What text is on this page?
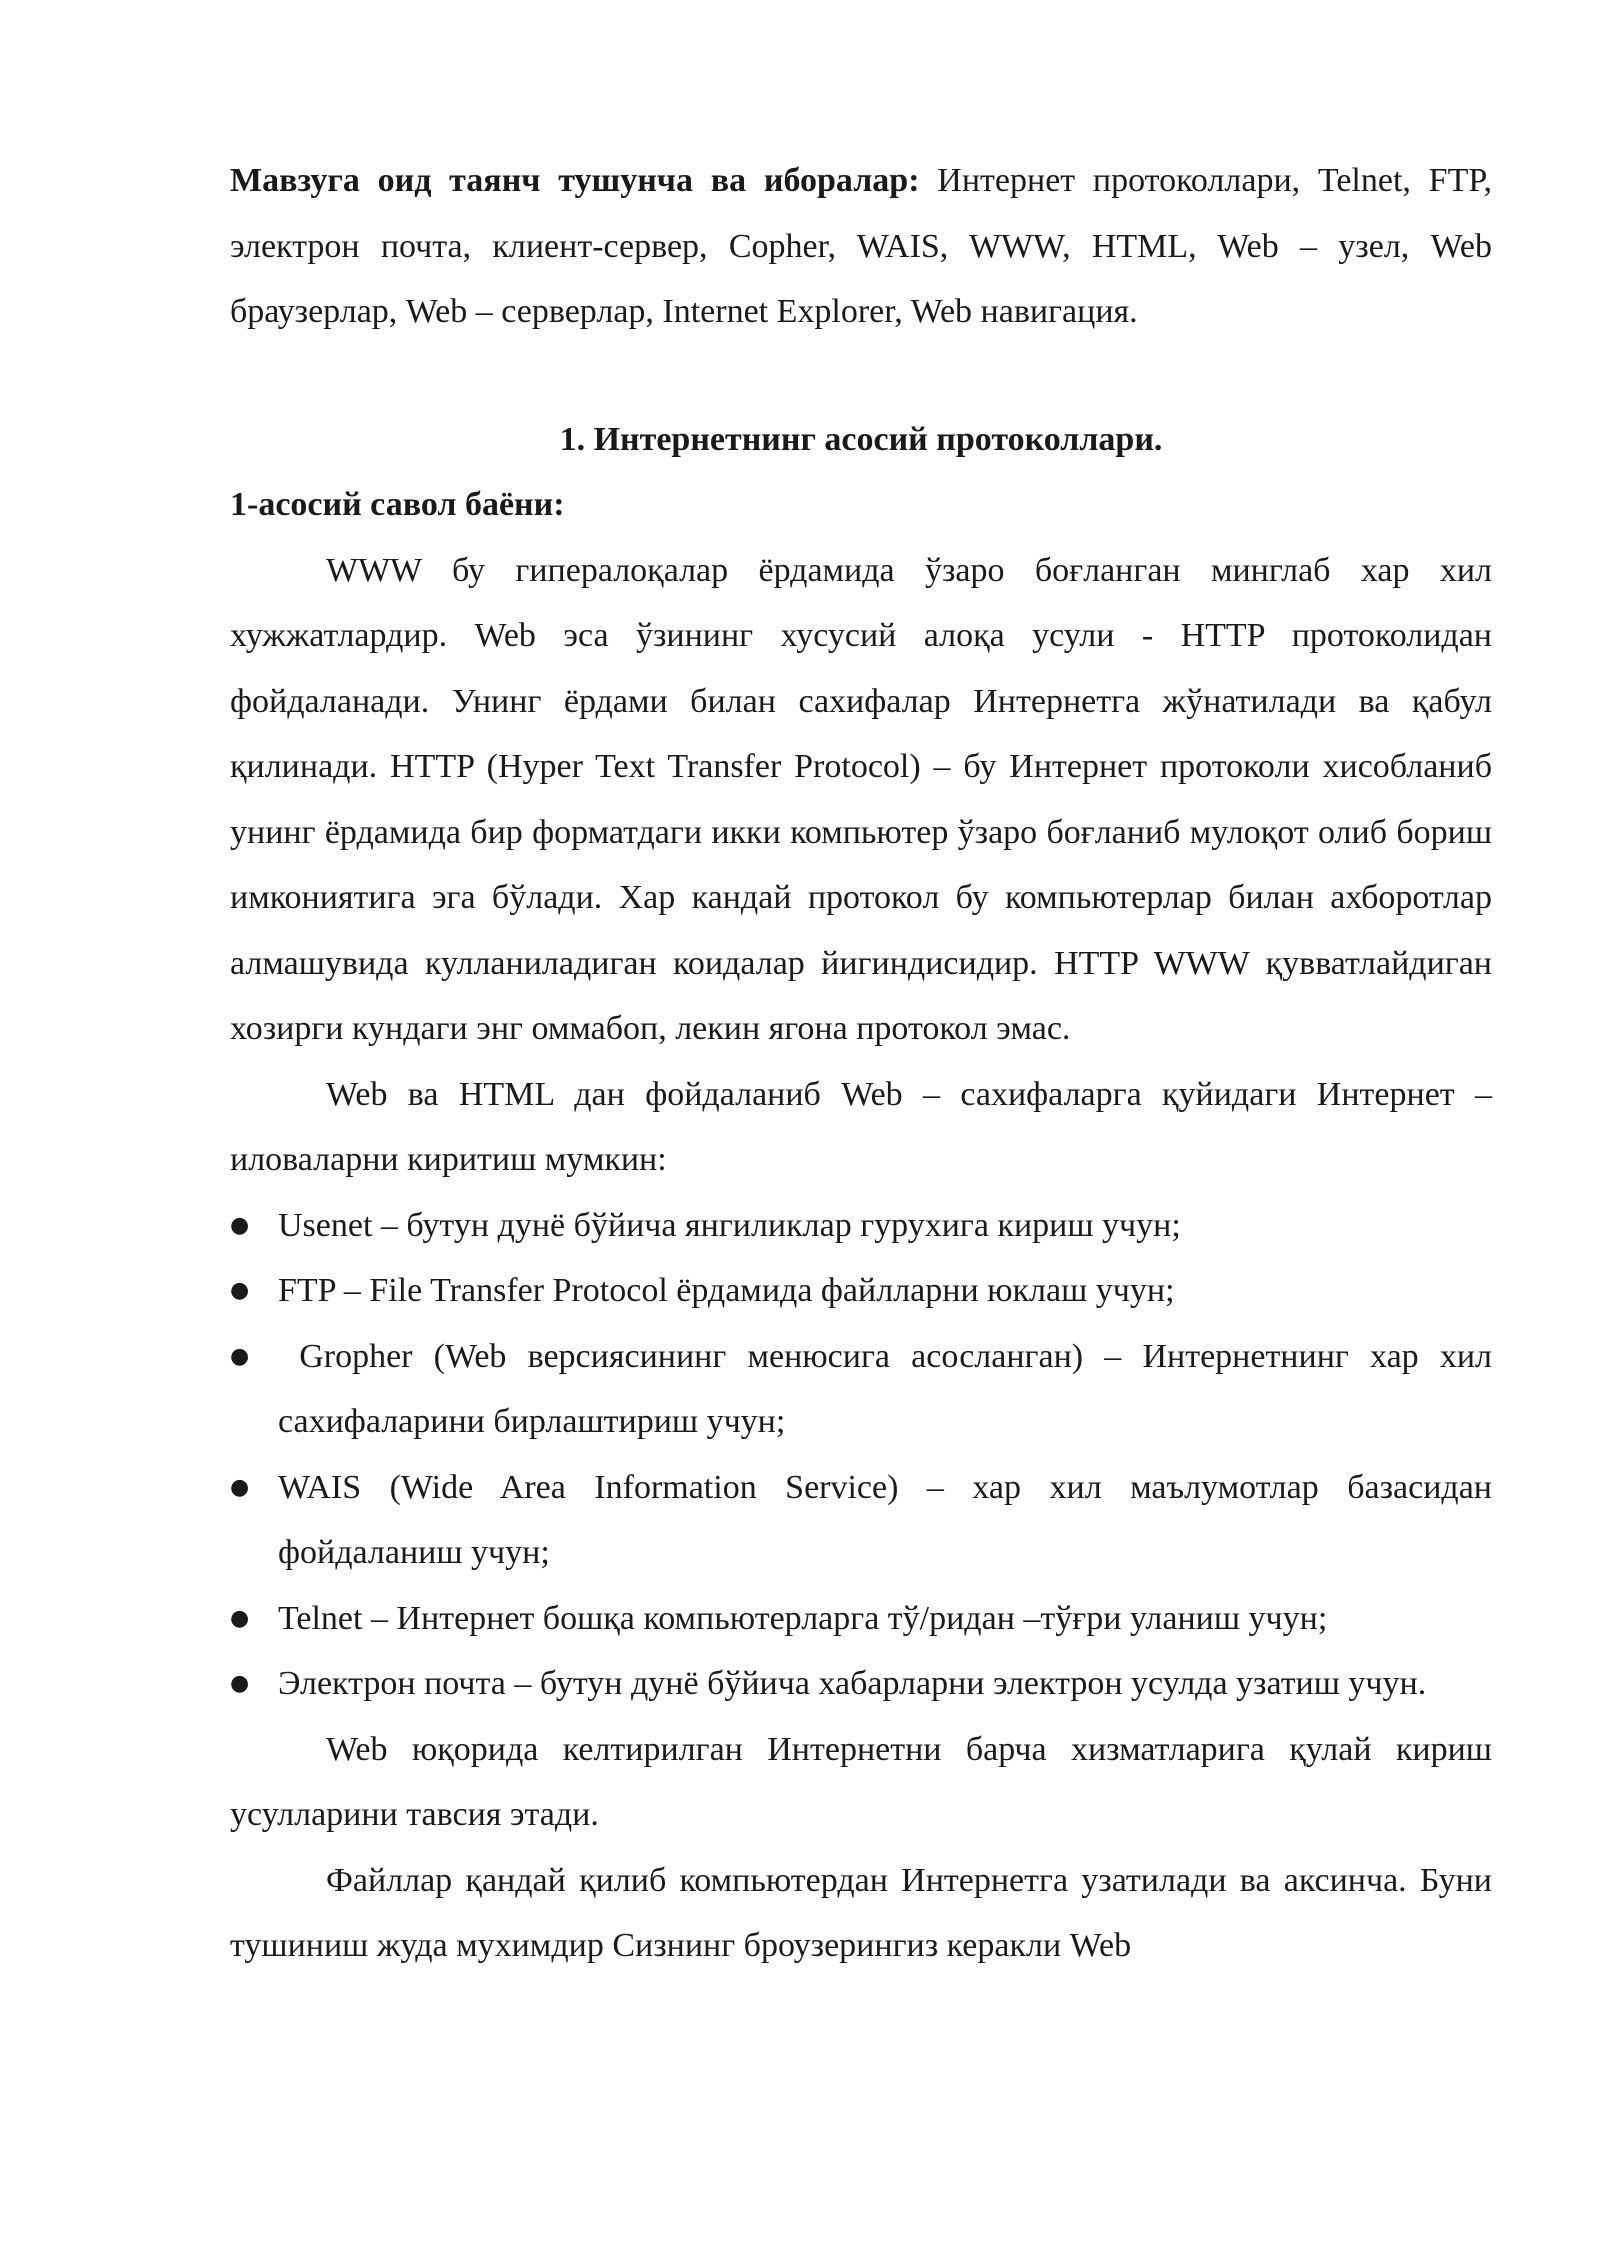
Мавзуга оид таянч тушунча ва иборалар: Интернет протоколлари, Telnet, FTP, электрон почта, клиент-сервер, Сopher, WAIS, WWW, HTML, Web – узел, Web браузерлар, Web – серверлар, Internet Explorer, Web навигация.

1. Интернетнинг асосий протоколлари.

1-асосий савол баёни:

WWW бу гипералоқалар ёрдамида ўзаро боғланган минглаб хар хил хужжатлардир. Web эса ўзининг хусусий алоқа усули - HTTP протоколидан фойдаланади. Унинг ёрдами билан сахифалар Интернетга жўнатилади ва қабул қилинади. HTTP (Hyper Text Transfer Protocol) – бу Интернет протоколи хисобланиб унинг ёрдамида бир форматдаги икки компьютер ўзаро боғланиб мулоқот олиб бориш имкониятига эга бўлади. Хар кандай протокол бу компьютерлар билан ахборотлар алмашувида кулланиладиган коидалар йигиндисидир. HTTP WWW қувватлайдиган хозирги кундаги энг оммабоп, лекин ягона протокол эмас.

Web ва HTML дан фойдаланиб Web – сахифаларга қуйидаги Интернет – иловаларни киритиш мумкин:

● Usenet – бутун дунё бўйича янгиликлар гурухига кириш учун;
● FTP – File Transfer Protocol ёрдамида файлларни юклаш учун;
● Gropher (Web версиясининг менюсига асосланган) – Интернетнинг хар хил сахифаларини бирлаштириш учун;
● WAIS (Wide Area Information Service) – хар хил маълумотлар базасидан фойдаланиш учун;
● Telnet – Интернет бошқа компьютерларга тў/ридан –тўғри уланиш учун;
● Электрон почта – бутун дунё бўйича хабарларни электрон усулда узатиш учун.

Web юқорида келтирилган Интернетни барча хизматларига қулай кириш усулларини тавсия этади.

Файллар қандай қилиб компьютердан Интернетга узатилади ва аксинча. Буни тушиниш жуда мухимдир Сизнинг броузерингиз керакли Web
